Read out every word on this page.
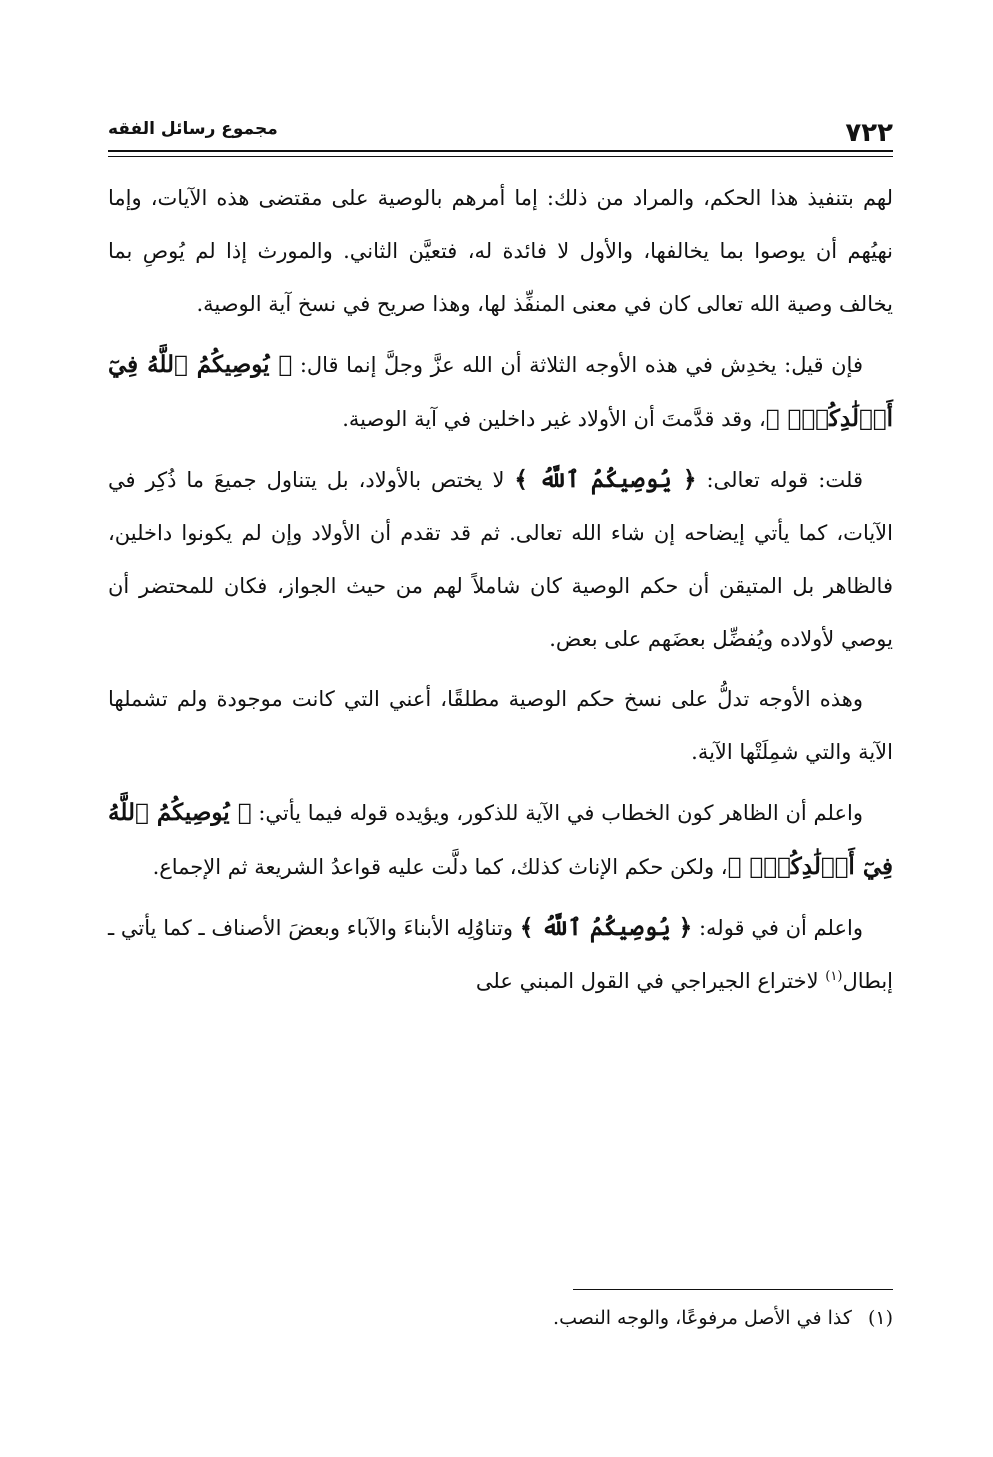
٧٢٢
مجموع رسائل الفقه

لهم بتنفيذ هذا الحكم، والمراد من ذلك: إما أمرهم بالوصية على مقتضى هذه الآيات، وإما نهيُهم أن يوصوا بما يخالفها، والأول لا فائدة له، فتعيَّن الثاني. والمورث إذا لم يُوصِ بما يخالف وصية الله تعالى كان في معنى المنفِّذ لها، وهذا صريح في نسخ آية الوصية.

فإن قيل: يخدِش في هذه الأوجه الثلاثة أن الله عزَّ وجلَّ إنما قال: ﴿ يُوصِيكُمُ ٱللَّهُ فِيٓ أَوۡلَٰدِكُمۡۖ ﴾، وقد قدَّمتَ أن الأولاد غير داخلين في آية الوصية.

قلت: قوله تعالى: ﴿ يُوصِيكُمُ ٱللَّهُ ﴾ لا يختص بالأولاد، بل يتناول جميعَ ما ذُكِر في الآيات، كما يأتي إيضاحه إن شاء الله تعالى. ثم قد تقدم أن الأولاد وإن لم يكونوا داخلين، فالظاهر بل المتيقن أن حكم الوصية كان شاملاً لهم من حيث الجواز، فكان للمحتضر أن يوصي لأولاده ويُفضِّل بعضَهم على بعض.

وهذه الأوجه تدلُّ على نسخ حكم الوصية مطلقًا، أعني التي كانت موجودة ولم تشملها الآية والتي شمِلَتْها الآية.

واعلم أن الظاهر كون الخطاب في الآية للذكور، ويؤيده قوله فيما يأتي: ﴿ يُوصِيكُمُ ٱللَّهُ فِيٓ أَوۡلَٰدِكُمۡۖ ﴾، ولكن حكم الإناث كذلك، كما دلَّت عليه قواعدُ الشريعة ثم الإجماع.

واعلم أن في قوله: ﴿ يُوصِيكُمُ ٱللَّهُ ﴾ وتناوُلِه الأبناءَ والآباء وبعضَ الأصناف ـ كما يأتي ـ إبطال$^{(١)}$ لاختراع الجيراجي في القول المبني على

(١) كذا في الأصل مرفوعًا، والوجه النصب.
